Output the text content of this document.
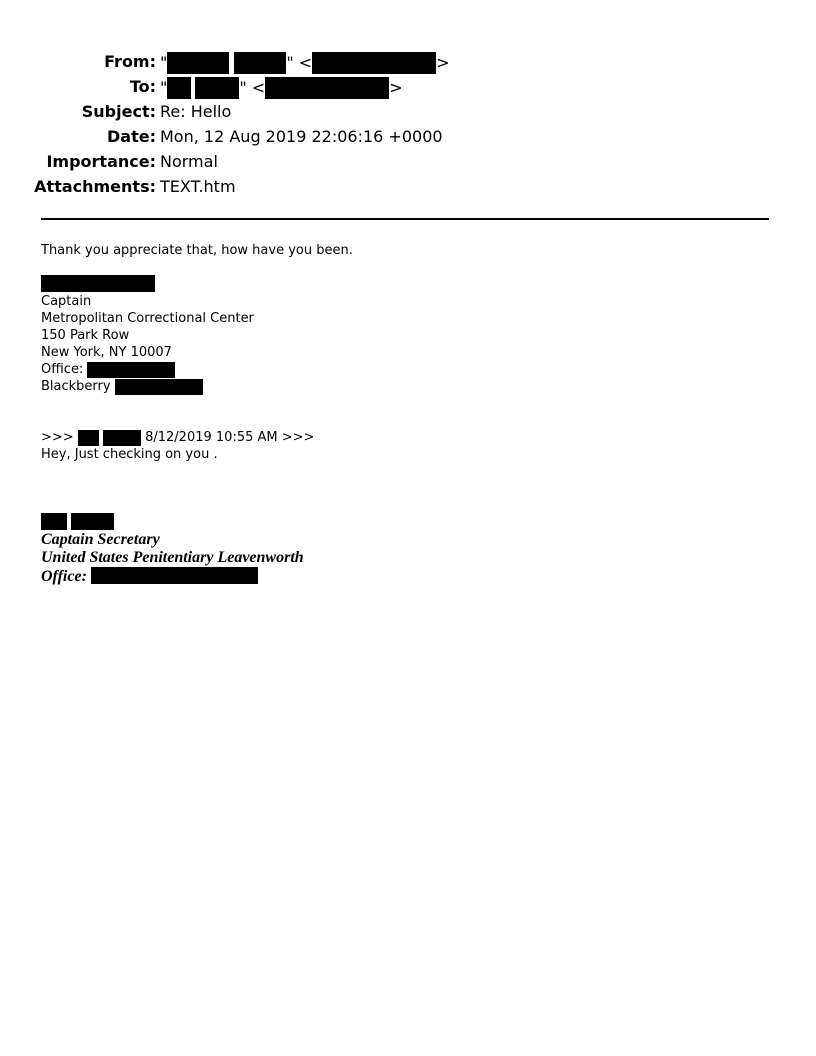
From: "	" <	>
To: "	" <	>
Subject: Re: Hello
Date: Mon, 12 Aug 2019 22:06:16 +0000
Importance: Normal
Attachments: TEXT.htm
Thank you appreciate that, how have you been.
Captain
Metropolitan Correctional Center
150 Park Row
New York, NY 10007
Office:
Blackberry
>>>	8/12/2019 10:55 AM >>>
Hey, Just checking on you .

Captain Secretary
United States Penitentiary Leavenworth
Office:
